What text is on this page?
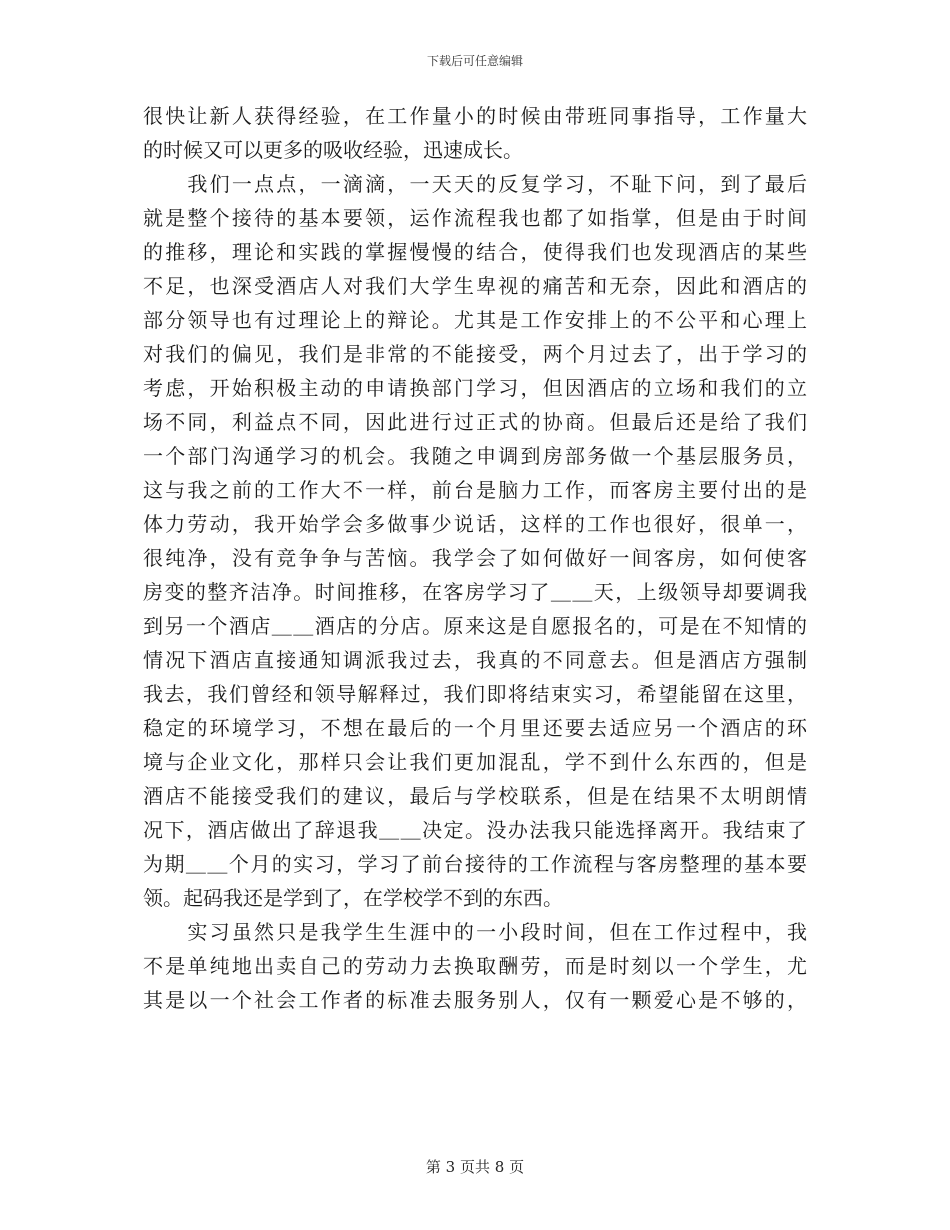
下载后可任意编辑
很快让新人获得经验，在工作量小的时候由带班同事指导，工作量大
的时候又可以更多的吸收经验，迅速成长。
　　我们一点点，一滴滴，一天天的反复学习，不耻下问，到了最后
就是整个接待的基本要领，运作流程我也都了如指掌，但是由于时间
的推移，理论和实践的掌握慢慢的结合，使得我们也发现酒店的某些
不足，也深受酒店人对我们大学生卑视的痛苦和无奈，因此和酒店的
部分领导也有过理论上的辩论。尤其是工作安排上的不公平和心理上
对我们的偏见，我们是非常的不能接受，两个月过去了，出于学习的
考虑，开始积极主动的申请换部门学习，但因酒店的立场和我们的立
场不同，利益点不同，因此进行过正式的协商。但最后还是给了我们
一个部门沟通学习的机会。我随之申调到房部务做一个基层服务员，
这与我之前的工作大不一样，前台是脑力工作，而客房主要付出的是
体力劳动，我开始学会多做事少说话，这样的工作也很好，很单一，
很纯净，没有竞争争与苦恼。我学会了如何做好一间客房，如何使客
房变的整齐洁净。时间推移，在客房学习了＿＿天，上级领导却要调我
到另一个酒店＿＿酒店的分店。原来这是自愿报名的，可是在不知情的
情况下酒店直接通知调派我过去，我真的不同意去。但是酒店方强制
我去，我们曾经和领导解释过，我们即将结束实习，希望能留在这里，
稳定的环境学习，不想在最后的一个月里还要去适应另一个酒店的环
境与企业文化，那样只会让我们更加混乱，学不到什么东西的，但是
酒店不能接受我们的建议，最后与学校联系，但是在结果不太明朗情
况下，酒店做出了辞退我＿＿决定。没办法我只能选择离开。我结束了
为期＿＿个月的实习，学习了前台接待的工作流程与客房整理的基本要
领。起码我还是学到了，在学校学不到的东西。
　　实习虽然只是我学生生涯中的一小段时间，但在工作过程中，我
不是单纯地出卖自己的劳动力去换取酬劳，而是时刻以一个学生，尤
其是以一个社会工作者的标准去服务别人，仅有一颗爱心是不够的，
第 3 页共 8 页
